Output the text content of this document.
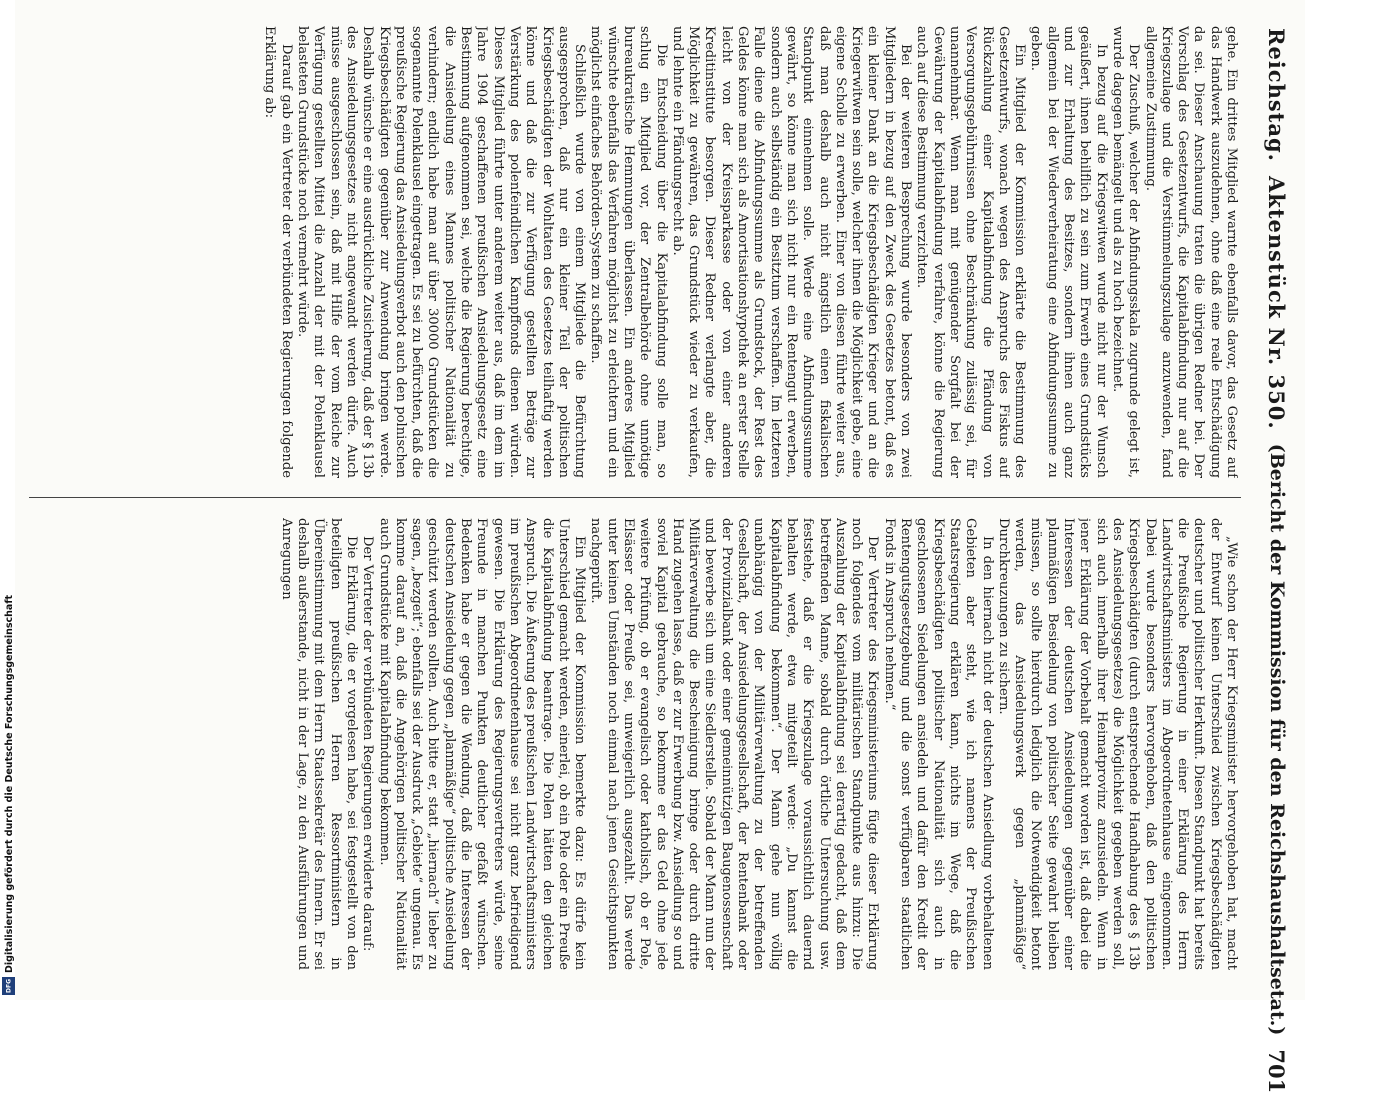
Digitalisierung gefördert durch die Deutsche Forschungsgemeinschaft
DFG
Reichstag.
Aktenstück Nr. 350.
(Bericht der Kommission für den Reichshaushaltsetat.)
701

gehe. Ein drittes Mitglied warnte ebenfalls davor, das Gesetz auf das Handwerk auszudehnen, ohne daß eine reale Entschädigung da sei. Dieser Anschauung traten die übrigen Redner bei. Der Vorschlag des Gesetzentwurfs, die Kapitalabfindung nur auf die Kriegszulage und die Verstümmelungszulage anzuwenden, fand allgemeine Zustimmung.

Der Zuschuß, welcher der Abfindungsskala zugrunde gelegt ist, wurde dagegen bemängelt und als zu hoch bezeichnet.

In bezug auf die Kriegswitwen wurde nicht nur der Wunsch geäußert, ihnen behilflich zu sein zum Erwerb eines Grundstücks und zur Erhaltung des Besitzes, sondern ihnen auch ganz allgemein bei der Wiederverheiratung eine Abfindungssumme zu geben.

Ein Mitglied der Kommission erklärte die Bestimmung des Gesetzentwurfs, wonach wegen des Anspruchs des Fiskus auf Rückzahlung einer Kapitalabfindung die Pfändung von Versorgungsgebührnissen ohne Beschränkung zulässig sei, für unannehmbar. Wenn man mit genügender Sorgfalt bei der Gewährung der Kapitalabfindung verfahre, könne die Regierung auch auf diese Bestimmung verzichten.

Bei der weiteren Besprechung wurde besonders von zwei Mitgliedern in bezug auf den Zweck des Gesetzes betont, daß es ein kleiner Dank an die Kriegsbeschädigten Krieger und an die Kriegerwitwen sein solle, welcher ihnen die Möglichkeit gebe, eine eigene Scholle zu erwerben. Einer von diesen führte weiter aus, daß man deshalb auch nicht ängstlich einen fiskalischen Standpunkt einnehmen solle. Werde eine Abfindungssumme gewährt, so könne man sich nicht nur ein Rentengut erwerben, sondern auch selbständig ein Besitztum verschaffen. Im letzteren Falle diene die Abfindungssumme als Grundstock, der Rest des Geldes könne man sich als Amortisationshypothek an erster Stelle leicht von der Kreissparkasse oder von einer anderen Kreditinstitute besorgen. Dieser Redner verlangte aber, die Möglichkeit zu gewähren, das Grundstück wieder zu verkaufen, und lehnte ein Pfändungsrecht ab.

Die Entscheidung über die Kapitalabfindung solle man, so schlug ein Mitglied vor, der Zentralbehörde ohne unnötige bureaukratische Hemmungen überlassen. Ein anderes Mitglied wünschte ebenfalls das Verfahren möglichst zu erleichtern und ein möglichst einfaches Behörden-System zu schaffen.

Schließlich wurde von einem Mitgliede die Befürchtung ausgesprochen, daß nur ein kleiner Teil der politischen Kriegsbeschädigten der Wohltaten des Gesetzes teilhaftig werden könne und daß die zur Verfügung gestellten Beträge zur Verstärkung des polenfeindlichen Kampffonds dienen würden. Dieses Mitglied führte unter anderem weiter aus, daß im dem im Jahre 1904 geschaffenen preußischen Ansiedelungsgesetz eine Bestimmung aufgenommen sei, welche die Regierung berechtige, die Ansiedelung eines Mannes politischer Nationalität zu verhindern; endlich habe man auf über 30000 Grundstücken die sogenannte Polenklausel eingetragen. Es sei zu befürchten, daß die preußische Regierung das Ansiedelungsverbot auch den polnischen Kriegsbeschädigten gegenüber zur Anwendung bringen werde. Deshalb wünsche er eine ausdrückliche Zusicherung, daß der § 13b des Ansiedelungsgesetzes nicht angewandt werden dürfe. Auch müsse ausgeschlossen sein, daß mit Hilfe der vom Reiche zur Verfügung gestellten Mittel die Anzahl der mit der Polenklausel belasteten Grundstücke noch vermehrt würde.

Darauf gab ein Vertreter der verbündeten Regierungen folgende Erklärung ab:

„Wie schon der Herr Kriegsminister hervorgehoben hat, macht der Entwurf keinen Unterschied zwischen Kriegsbeschädigten deutscher und politischer Herkunft. Diesen Standpunkt hat bereits die Preußische Regierung in einer Erklärung des Herrn Landwirtschaftsministers im Abgeordnetenhause eingenommen. Dabei wurde besonders hervorgehoben, daß den politischen Kriegsbeschädigten (durch entsprechende Handhabung des § 13b des Ansiedelungsgesetzes) die Möglichkeit gegeben werden soll, sich auch innerhalb ihrer Heimatprovinz anzusiedeln. Wenn in jener Erklärung der Vorbehalt gemacht worden ist, daß dabei die Interessen der deutschen Ansiedelungen gegenüber einer planmäßigen Besiedelung von politischer Seite gewahrt bleiben müssen, so sollte hierdurch lediglich die Notwendigkeit betont werden, das Ansiedelungswerk gegen „planmäßige“ Durchkreuzungen zu sichern.

In den hiernach nicht der deutschen Ansiedlung vorbehaltenen Gebieten aber steht, wie ich namens der Preußischen Staatsregierung erklären kann, nichts im Wege, daß die Kriegsbeschädigten politischer Nationalität sich auch in geschlossenen Siedelungen ansiedeln und dafür den Kredit der Rentengutsgesetzgebung und die sonst verfügbaren staatlichen Fonds in Anspruch nehmen.“

Der Vertreter des Kriegsministeriums fügte dieser Erklärung noch folgendes vom militärischen Standpunkte aus hinzu: Die Auszahlung der Kapitalabfindung sei derartig gedacht, daß dem betreffenden Manne, sobald durch örtliche Untersuchung usw. feststehe, daß er die Kriegszulage voraussichtlich dauernd behalten werde, etwa mitgeteilt werde: „Du kannst die Kapitalabfindung bekommen“. Der Mann gehe nun völlig unabhängig von der Militärverwaltung zu der betreffenden Gesellschaft, der Ansiedelungsgesellschaft, der Rentenbank oder der Provinzialbank oder einer gemeinnützigen Baugenossenschaft und bewerbe sich um eine Siedlerstelle. Sobald der Mann nun der Militärverwaltung die Bescheinigung bringe oder durch dritte Hand zugehen lasse, daß er zur Erwerbung bzw. Ansiedlung so und soviel Kapital gebrauche, so bekomme er das Geld ohne jede weitere Prüfung, ob er evangelisch oder katholisch, ob er Pole, Elsässer oder Preuße sei, unweigerlich ausgezahlt. Das werde unter keinen Umständen noch einmal nach jenen Gesichtspunkten nachgeprüft.

Ein Mitglied der Kommission bemerkte dazu: Es dürfe kein Unterschied gemacht werden, einerlei, ob ein Pole oder ein Preuße die Kapitalabfindung beantrage. Die Polen hätten den gleichen Anspruch. Die Äußerung des preußischen Landwirtschaftsministers im preußischen Abgeordnetenhause sei nicht ganz befriedigend gewesen. Die Erklärung des Regierungsvertreters würde, seine Freunde in manchen Punkten deutlicher gefaßt wünschen. Bedenken habe er gegen die Wendung, daß die Interessen der deutschen Ansiedelung gegen „planmäßige“ politische Ansiedelung geschützt werden sollten. Auch bitte er, statt „hiernach“ lieber zu sagen, „bezgeit“; ebenfalls sei der Ausdruck „Gebiete“ ungenau. Es komme darauf an, daß die Angehörigen politischer Nationalität auch Grundstücke mit Kapitalabfindung bekommen.

Der Vertreter der verbündeten Regierungen erwiderte darauf:

Die Erklärung, die er vorgelesen habe, sei festgestellt von den beteiligten preußischen Herren Ressortministern in Übereinstimmung mit dem Herrn Staatssekretär des Innern. Er sei deshalb außerstande, nicht in der Lage, zu den Ausführungen und Anregungen
